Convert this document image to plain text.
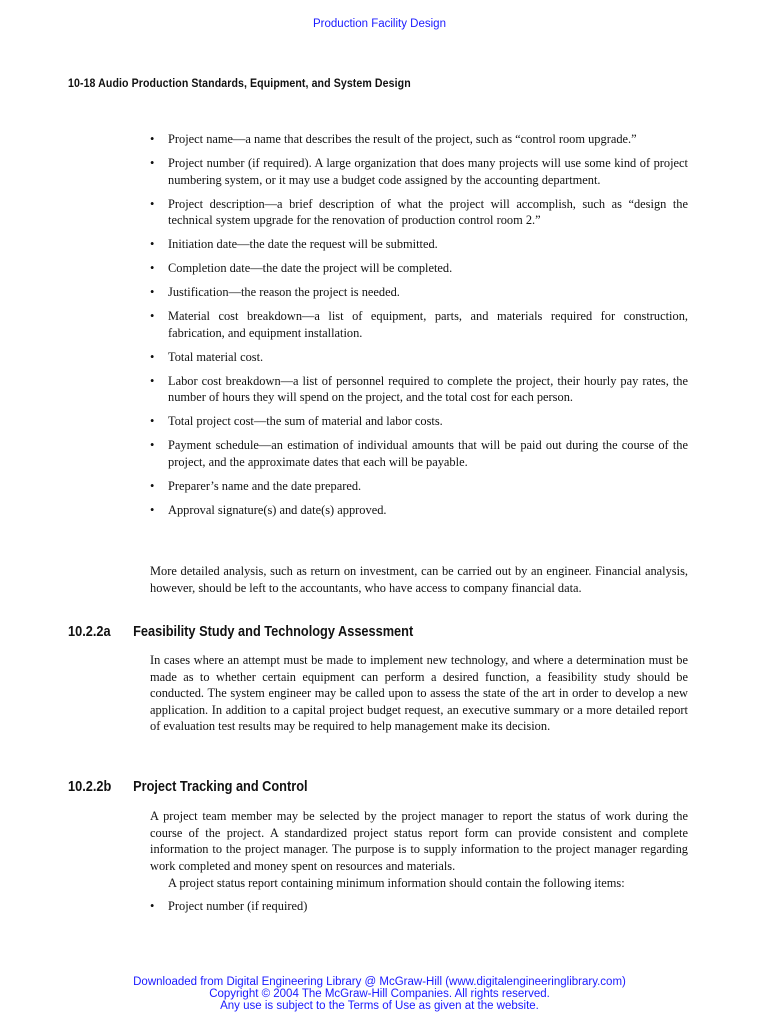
Production Facility Design
10-18 Audio Production Standards, Equipment, and System Design
• Project name—a name that describes the result of the project, such as “control room upgrade.”
• Project number (if required). A large organization that does many projects will use some kind of project numbering system, or it may use a budget code assigned by the accounting department.
• Project description—a brief description of what the project will accomplish, such as “design the technical system upgrade for the renovation of production control room 2.”
• Initiation date—the date the request will be submitted.
• Completion date—the date the project will be completed.
• Justification—the reason the project is needed.
• Material cost breakdown—a list of equipment, parts, and materials required for construction, fabrication, and equipment installation.
• Total material cost.
• Labor cost breakdown—a list of personnel required to complete the project, their hourly pay rates, the number of hours they will spend on the project, and the total cost for each person.
• Total project cost—the sum of material and labor costs.
• Payment schedule—an estimation of individual amounts that will be paid out during the course of the project, and the approximate dates that each will be payable.
• Preparer’s name and the date prepared.
• Approval signature(s) and date(s) approved.

More detailed analysis, such as return on investment, can be carried out by an engineer. Financial analysis, however, should be left to the accountants, who have access to company financial data.

10.2.2a Feasibility Study and Technology Assessment

In cases where an attempt must be made to implement new technology, and where a determination must be made as to whether certain equipment can perform a desired function, a feasibility study should be conducted. The system engineer may be called upon to assess the state of the art in order to develop a new application. In addition to a capital project budget request, an executive summary or a more detailed report of evaluation test results may be required to help management make its decision.

10.2.2b Project Tracking and Control

A project team member may be selected by the project manager to report the status of work during the course of the project. A standardized project status report form can provide consistent and complete information to the project manager. The purpose is to supply information to the project manager regarding work completed and money spent on resources and materials.

A project status report containing minimum information should contain the following items:

• Project number (if required)
Downloaded from Digital Engineering Library @ McGraw-Hill (www.digitalengineeringlibrary.com)
Copyright © 2004 The McGraw-Hill Companies. All rights reserved.
Any use is subject to the Terms of Use as given at the website.
